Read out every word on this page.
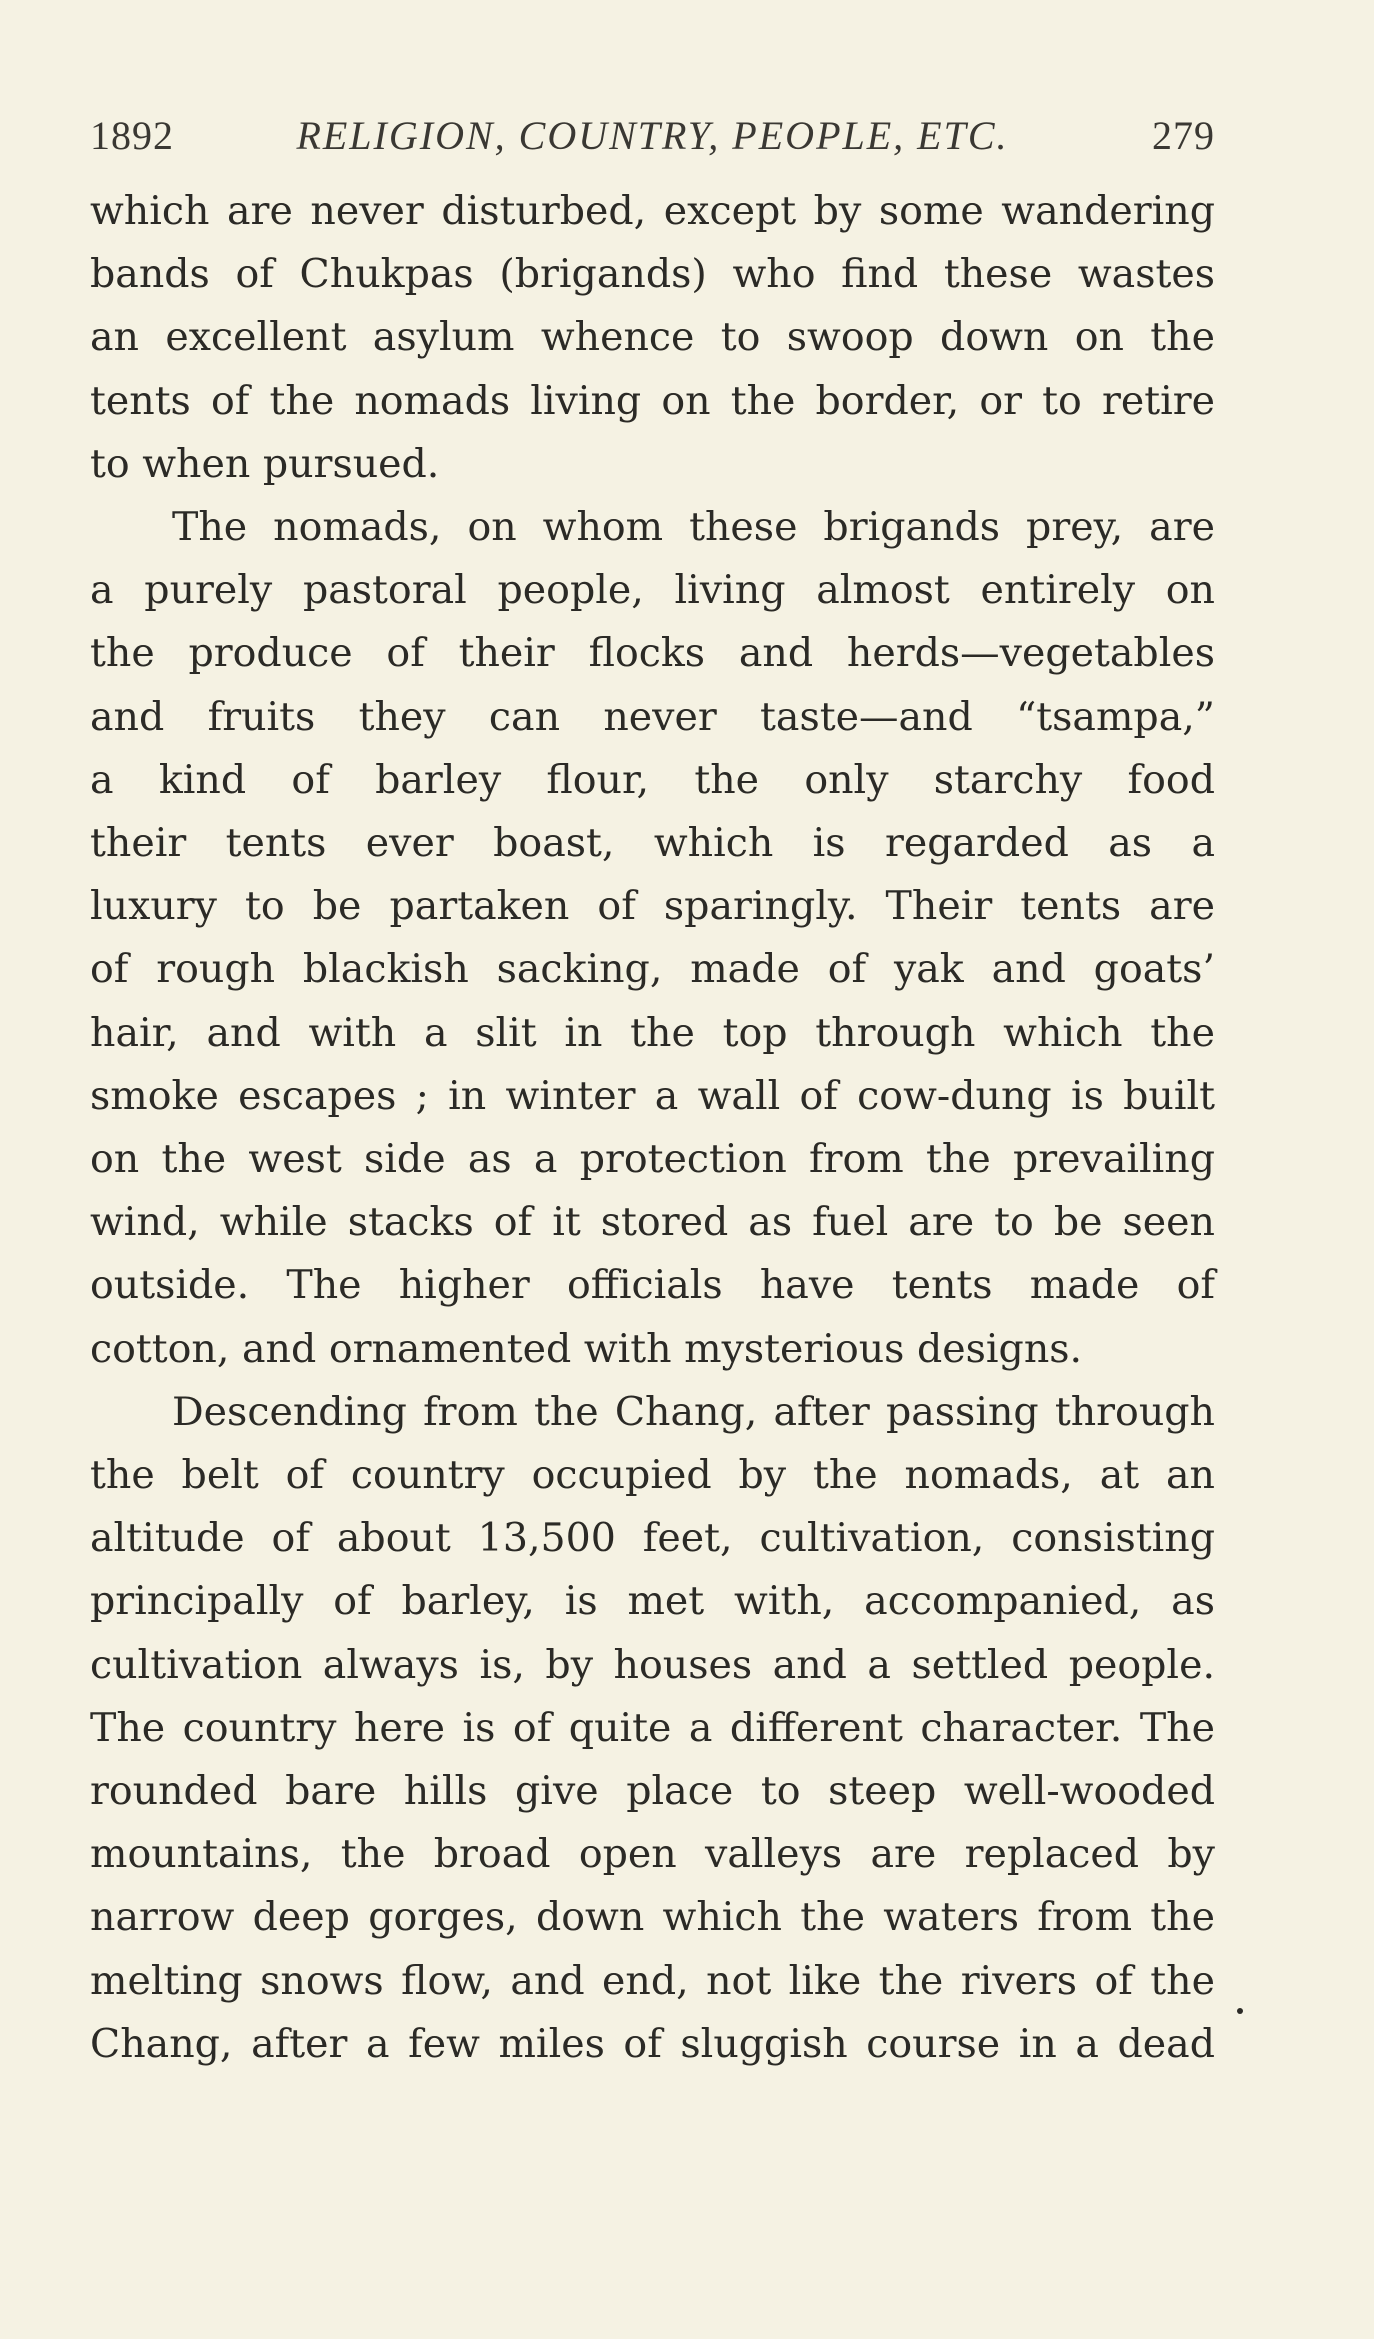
1892	RELIGION, COUNTRY, PEOPLE, ETC.	279
which are never disturbed, except by some wandering
bands of Chukpas (brigands) who find these wastes
an excellent asylum whence to swoop down on the
tents of the nomads living on the border, or to retire
to when pursued.
The nomads, on whom these brigands prey, are
a purely pastoral people, living almost entirely on
the produce of their flocks and herds—vegetables
and fruits they can never taste—and “tsampa,”
a kind of barley flour, the only starchy food
their tents ever boast, which is regarded as a
luxury to be partaken of sparingly. Their tents are
of rough blackish sacking, made of yak and goats’
hair, and with a slit in the top through which the
smoke escapes ; in winter a wall of cow-dung is built
on the west side as a protection from the prevailing
wind, while stacks of it stored as fuel are to be seen
outside. The higher officials have tents made of
cotton, and ornamented with mysterious designs.
Descending from the Chang, after passing through
the belt of country occupied by the nomads, at an
altitude of about 13,500 feet, cultivation, consisting
principally of barley, is met with, accompanied, as
cultivation always is, by houses and a settled people.
The country here is of quite a different character. The
rounded bare hills give place to steep well-wooded
mountains, the broad open valleys are replaced by
narrow deep gorges, down which the waters from the
melting snows flow, and end, not like the rivers of the
Chang, after a few miles of sluggish course in a dead
